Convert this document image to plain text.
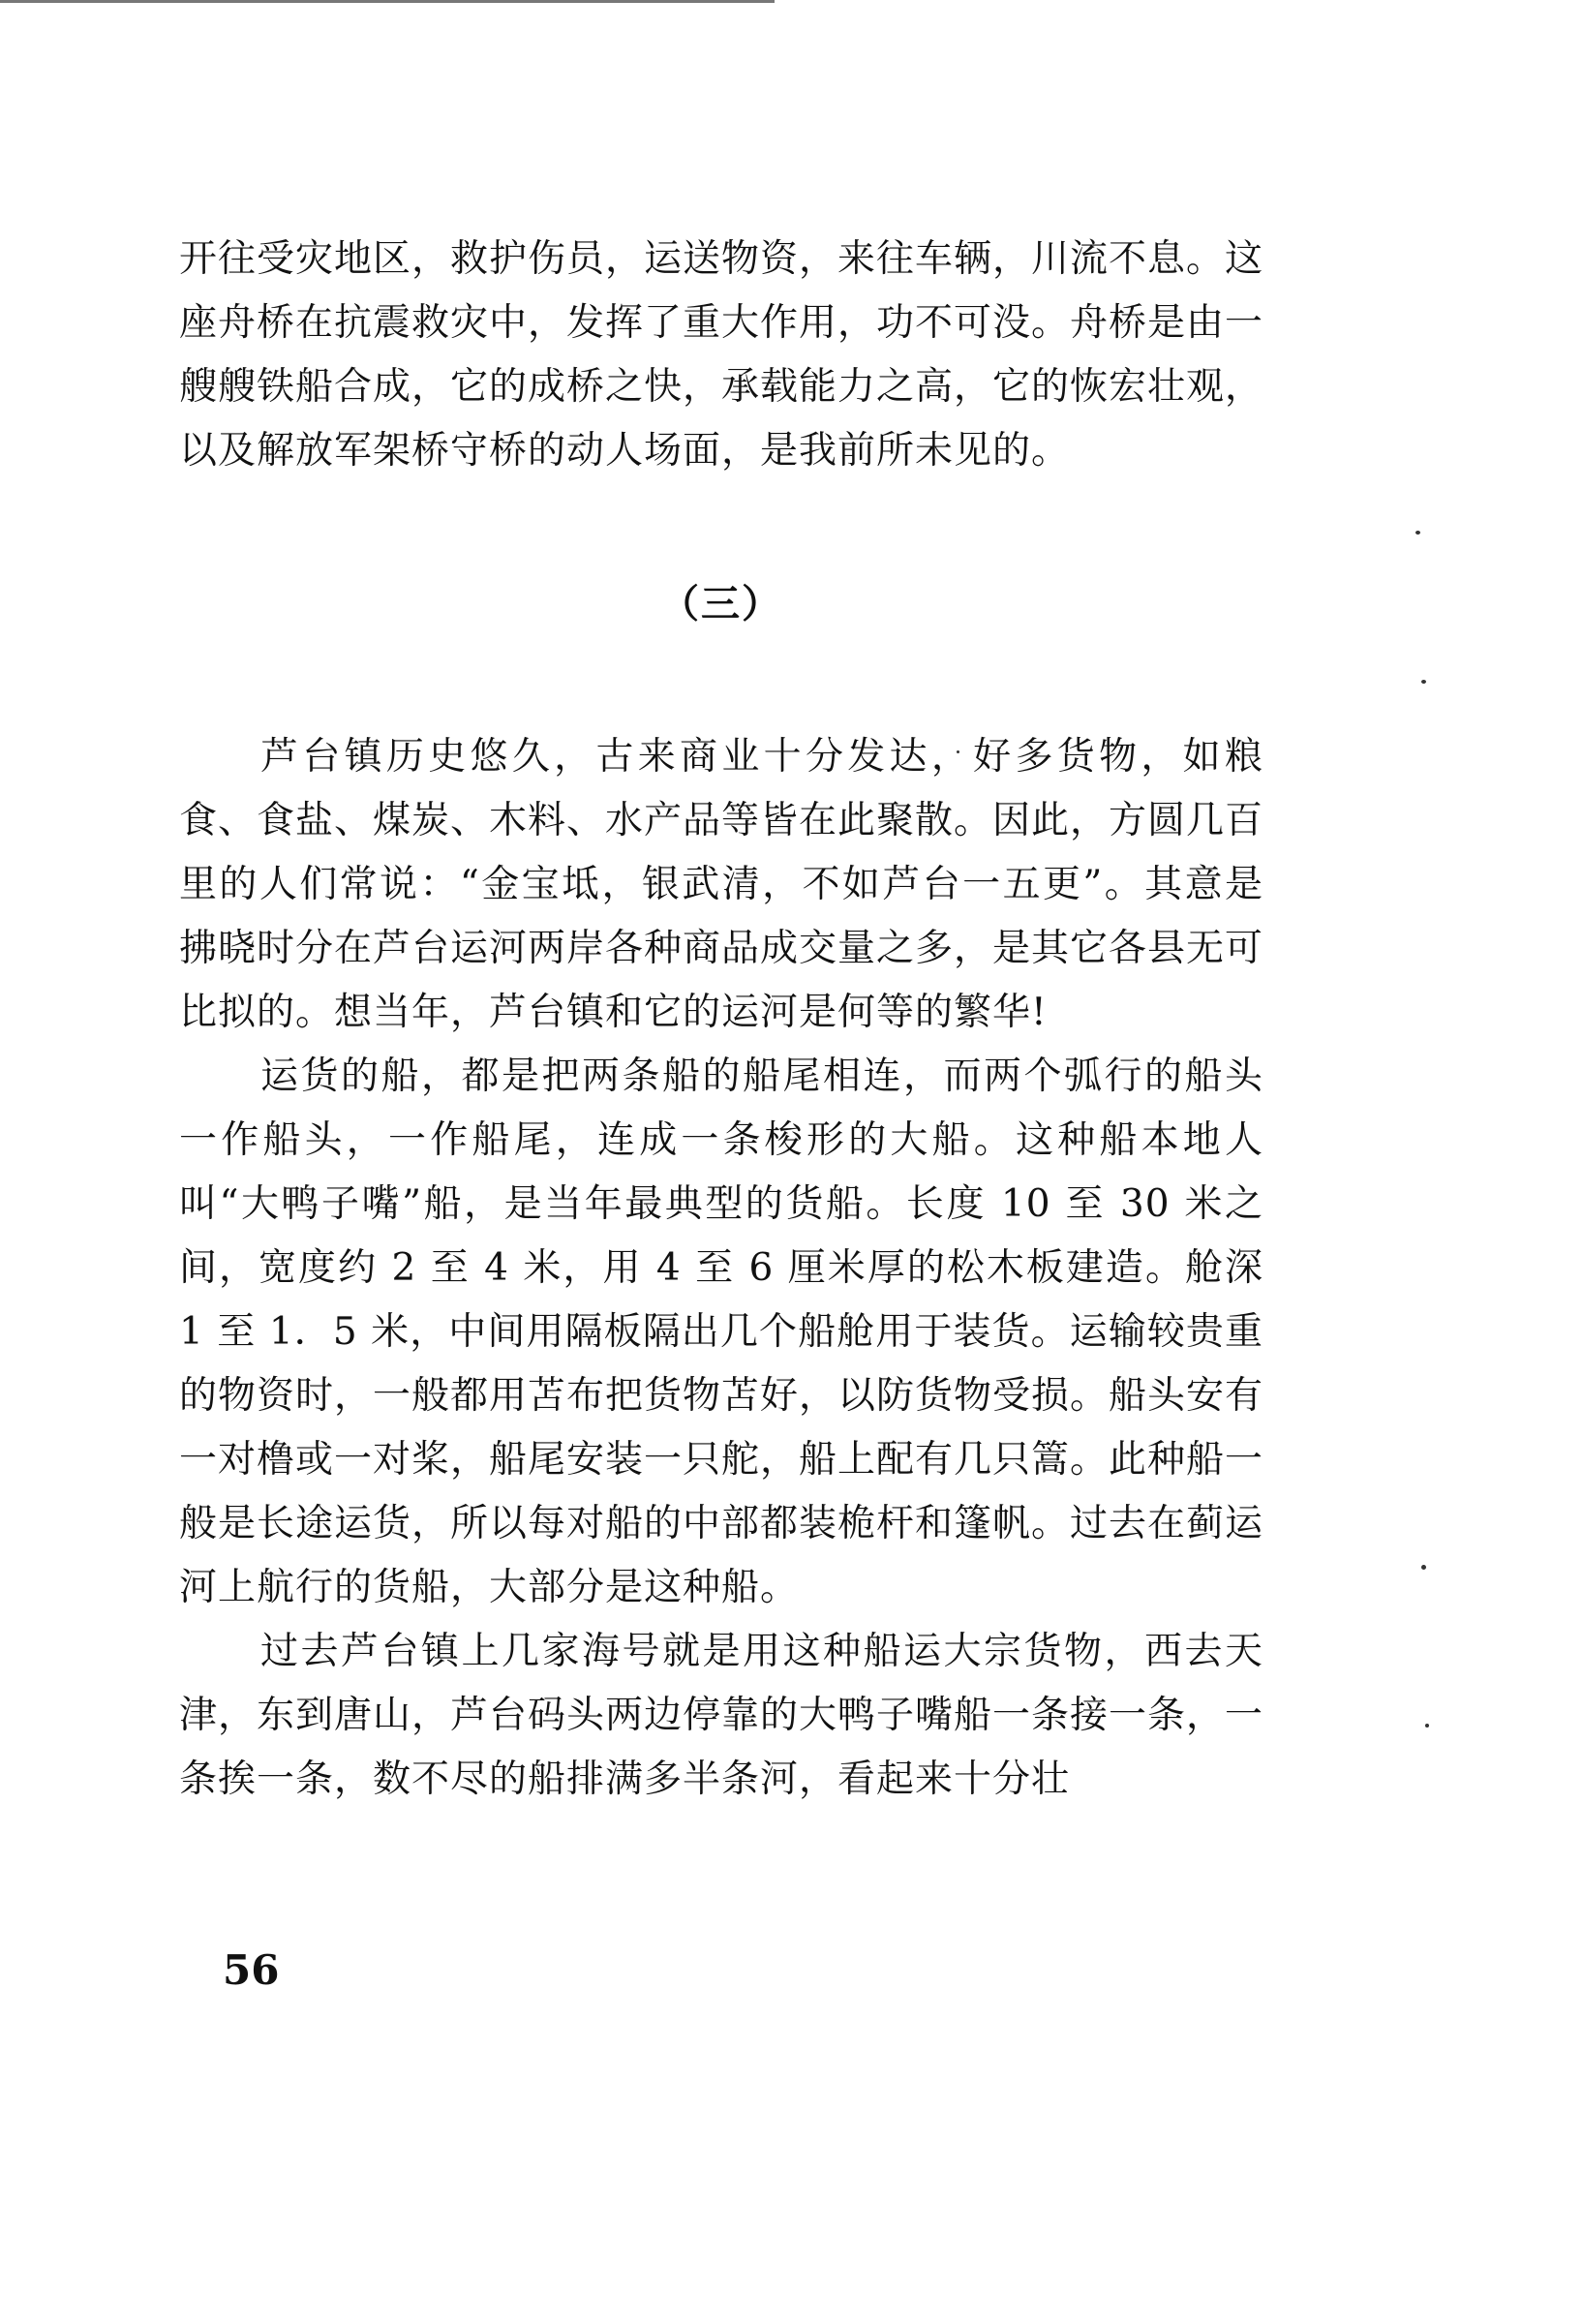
开往受灾地区，救护伤员，运送物资，来往车辆，川流不息。这座舟桥在抗震救灾中，发挥了重大作用，功不可没。舟桥是由一艘艘铁船合成，它的成桥之快，承载能力之高，它的恢宏壮观，以及解放军架桥守桥的动人场面，是我前所未见的。

（三）

芦台镇历史悠久，古来商业十分发达，好多货物，如粮食、食盐、煤炭、木料、水产品等皆在此聚散。因此，方圆几百里的人们常说：“金宝坻，银武清，不如芦台一五更”。其意是拂晓时分在芦台运河两岸各种商品成交量之多，是其它各县无可比拟的。想当年，芦台镇和它的运河是何等的繁华!

运货的船，都是把两条船的船尾相连，而两个弧行的船头一作船头，一作船尾，连成一条梭形的大船。这种船本地人叫“大鸭子嘴”船，是当年最典型的货船。长度 10 至 30 米之间，宽度约 2 至 4 米，用 4 至 6 厘米厚的松木板建造。舱深 1 至 1．5 米，中间用隔板隔出几个船舱用于装货。运输较贵重的物资时，一般都用苫布把货物苫好，以防货物受损。船头安有一对橹或一对桨，船尾安装一只舵，船上配有几只篙。此种船一般是长途运货，所以每对船的中部都装桅杆和篷帆。过去在蓟运河上航行的货船，大部分是这种船。

过去芦台镇上几家海号就是用这种船运大宗货物，西去天津，东到唐山，芦台码头两边停靠的大鸭子嘴船一条接一条，一条挨一条，数不尽的船排满多半条河，看起来十分壮

56
